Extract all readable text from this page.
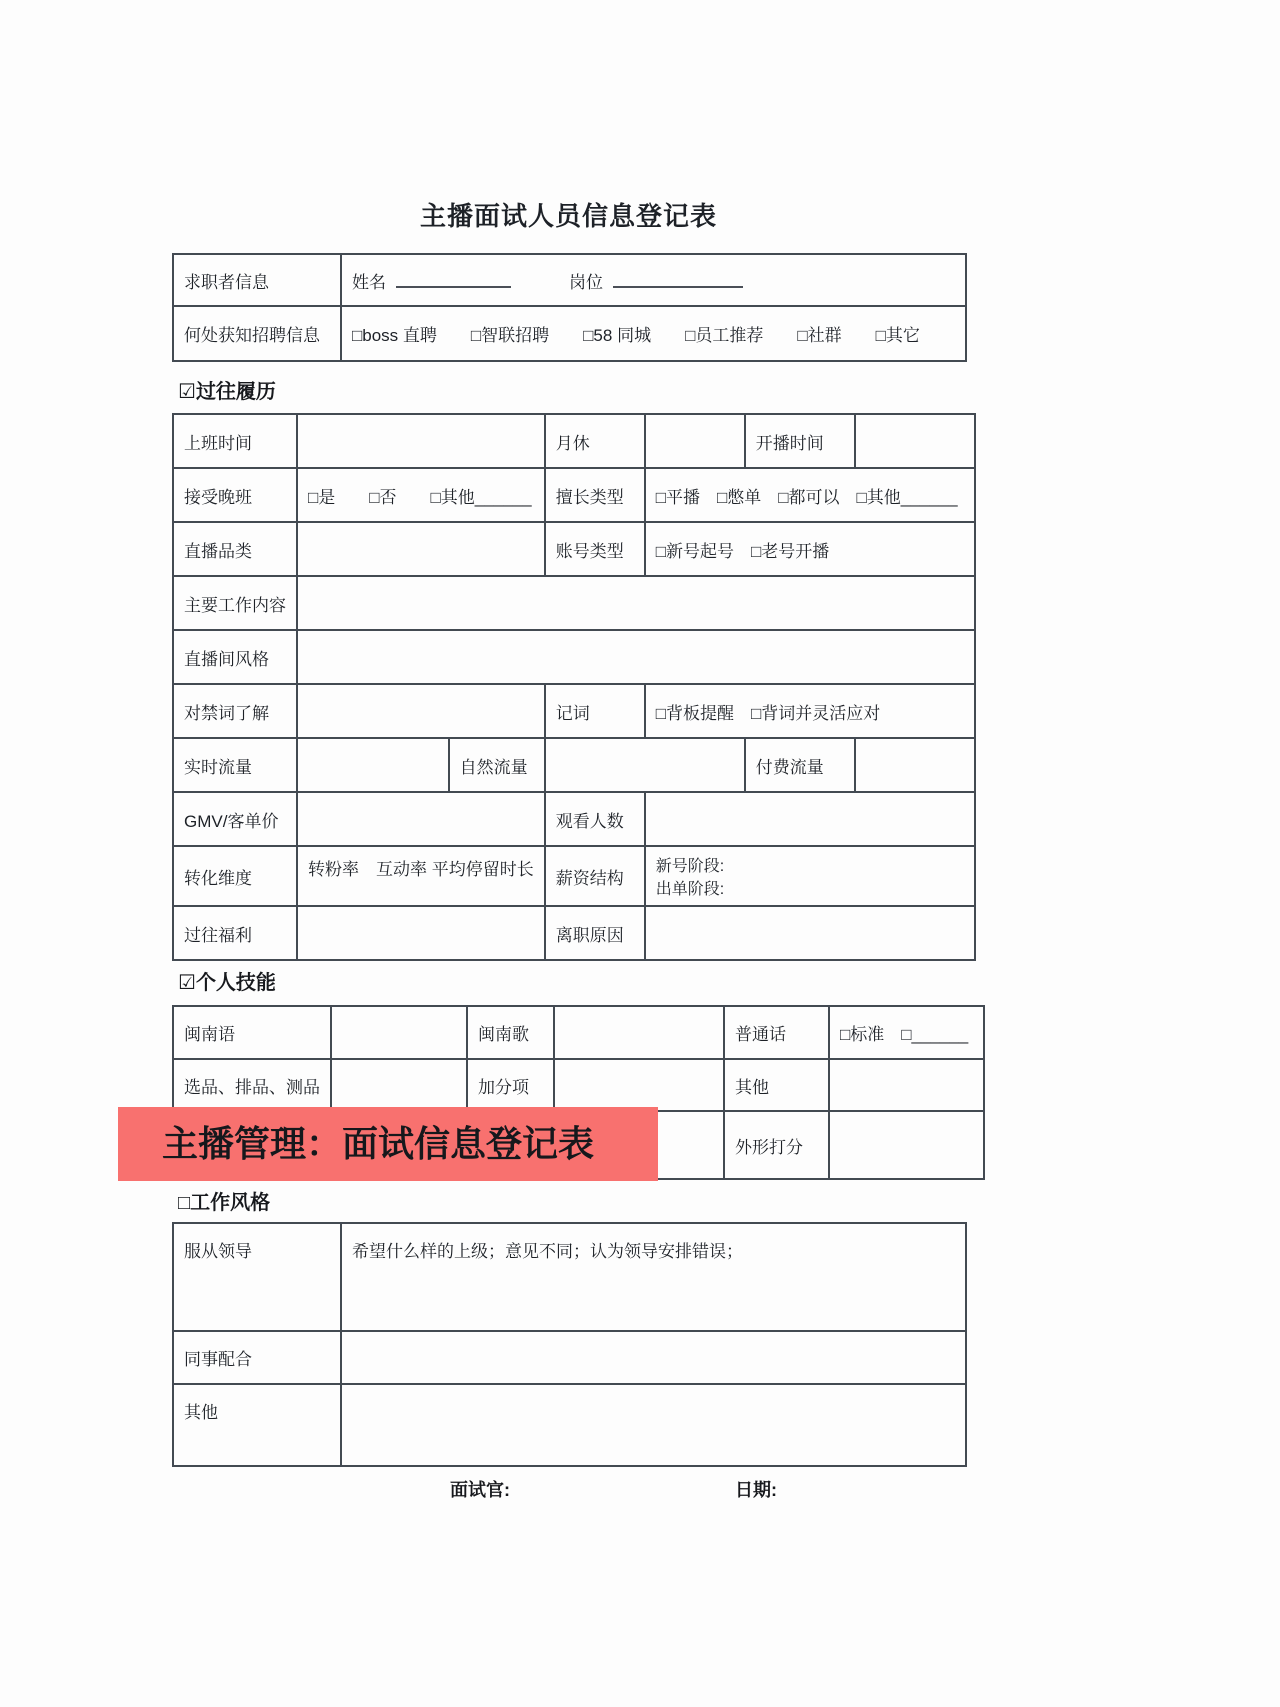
主播面试人员信息登记表
求职者信息	姓名 岗位
何处获知招聘信息	□boss 直聘　　□智联招聘　　□58 同城　　□员工推荐　　□社群　　□其它
☑过往履历
上班时间			月休		开播时间	
接受晚班	□是　　□否　　□其他______		擅长类型	□平播　□憋单　□都可以　□其他______		
直播品类			账号类型	□新号起号　□老号开播		
主要工作内容						
直播间风格						
对禁词了解			记词	□背板提醒　□背词并灵活应对		
实时流量		自然流量			付费流量	
GMV/客单价			观看人数			
转化维度	转粉率　互动率 平均停留时长		薪资结构	新号阶段:
出单阶段:		

过往福利			离职原因			
☑个人技能
闽南语		闽南歌		普通话	□标准　□______
选品、排品、测品		加分项		其他	
				外形打分	
主播管理：面试信息登记表
□工作风格
服从领导	希望什么样的上级；意见不同；认为领导安排错误；
同事配合	
其他	
面试官:	日期:
